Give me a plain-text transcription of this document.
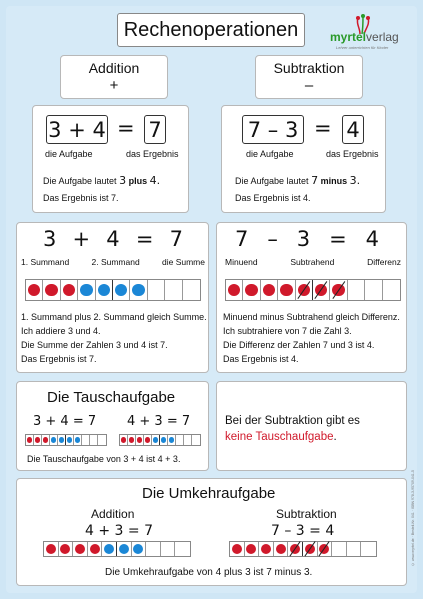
Rechenoperationen	myrtelverlag
Lehrer unterrichten für Kinder
Addition
+
Subtraktion
–
3
+
4 = 7
die Aufgabe	das Ergebnis
Die Aufgabe lautet 3 plus 4.
Das Ergebnis ist 7.
7
–
3 = 4
die Aufgabe	das Ergebnis
Die Aufgabe lautet 7 minus 3.
Das Ergebnis ist 4.
3 + 4 = 7
1. Summand	2. Summand	die Summe
1. Summand plus 2. Summand gleich Summe.
Ich addiere 3 und 4.
Die Summe der Zahlen 3 und 4 ist 7.
Das Ergebnis ist 7.
7 – 3 = 4
Minuend	Subtrahend	Differenz
Minuend minus Subtrahend gleich Differenz.
Ich subtrahiere von 7 die Zahl 3.
Die Differenz der Zahlen 7 und 3 ist 4.
Das Ergebnis ist 4.
Die Tauschaufgabe
3 + 4 = 7 4 + 3 = 7
Die Tauschaufgabe von 3 + 4 ist 4 + 3.
Bei der Subtraktion gibt es
keine Tauschaufgabe.
Die Umkehraufgabe
Addition	Subtraktion
4 + 3 = 7	7 – 3 = 4
Die Umkehraufgabe von 4 plus 3 ist 7 minus 3.
© www.myrtel.de · Bestell-Nr. 041 · ISBN 978-3-95709-041-5
